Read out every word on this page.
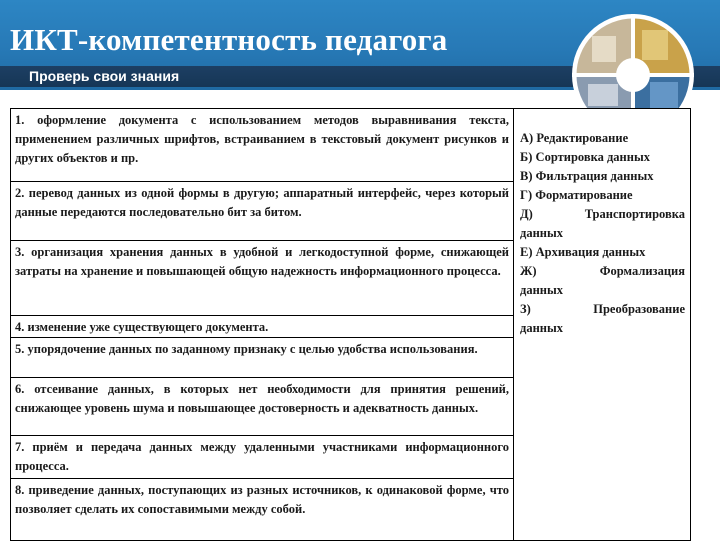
ИКТ-компетентность педагога
Проверь свои знания
1. оформление документа с использованием методов выравнивания текста, применением различных шрифтов, встраиванием в текстовый документ рисунков и других объектов и пр.	
А) Редактирование
Б) Сортировка данных
В) Фильтрация данных
Г) Форматирование
Д) Транспортировка
данных
Е) Архивация данных
Ж) Формализация
данных
З) Преобразование
данных

2. перевод данных из одной формы в другую; аппаратный интерфейс, через который данные передаются последовательно бит за битом.
3. организация хранения данных в удобной и легкодоступной форме, снижающей затраты на хранение и повышающей общую надежность информационного процесса.
4. изменение уже существующего документа.
5. упорядочение данных по заданному признаку с целью удобства использования.
6. отсеивание данных, в которых нет необходимости для принятия решений, снижающее уровень шума и повышающее достоверность и адекватность данных.
7. приём и передача данных между удаленными участниками информационного процесса.
8. приведение данных, поступающих из разных источников, к одинаковой форме, что позволяет сделать их сопоставимыми между собой.
